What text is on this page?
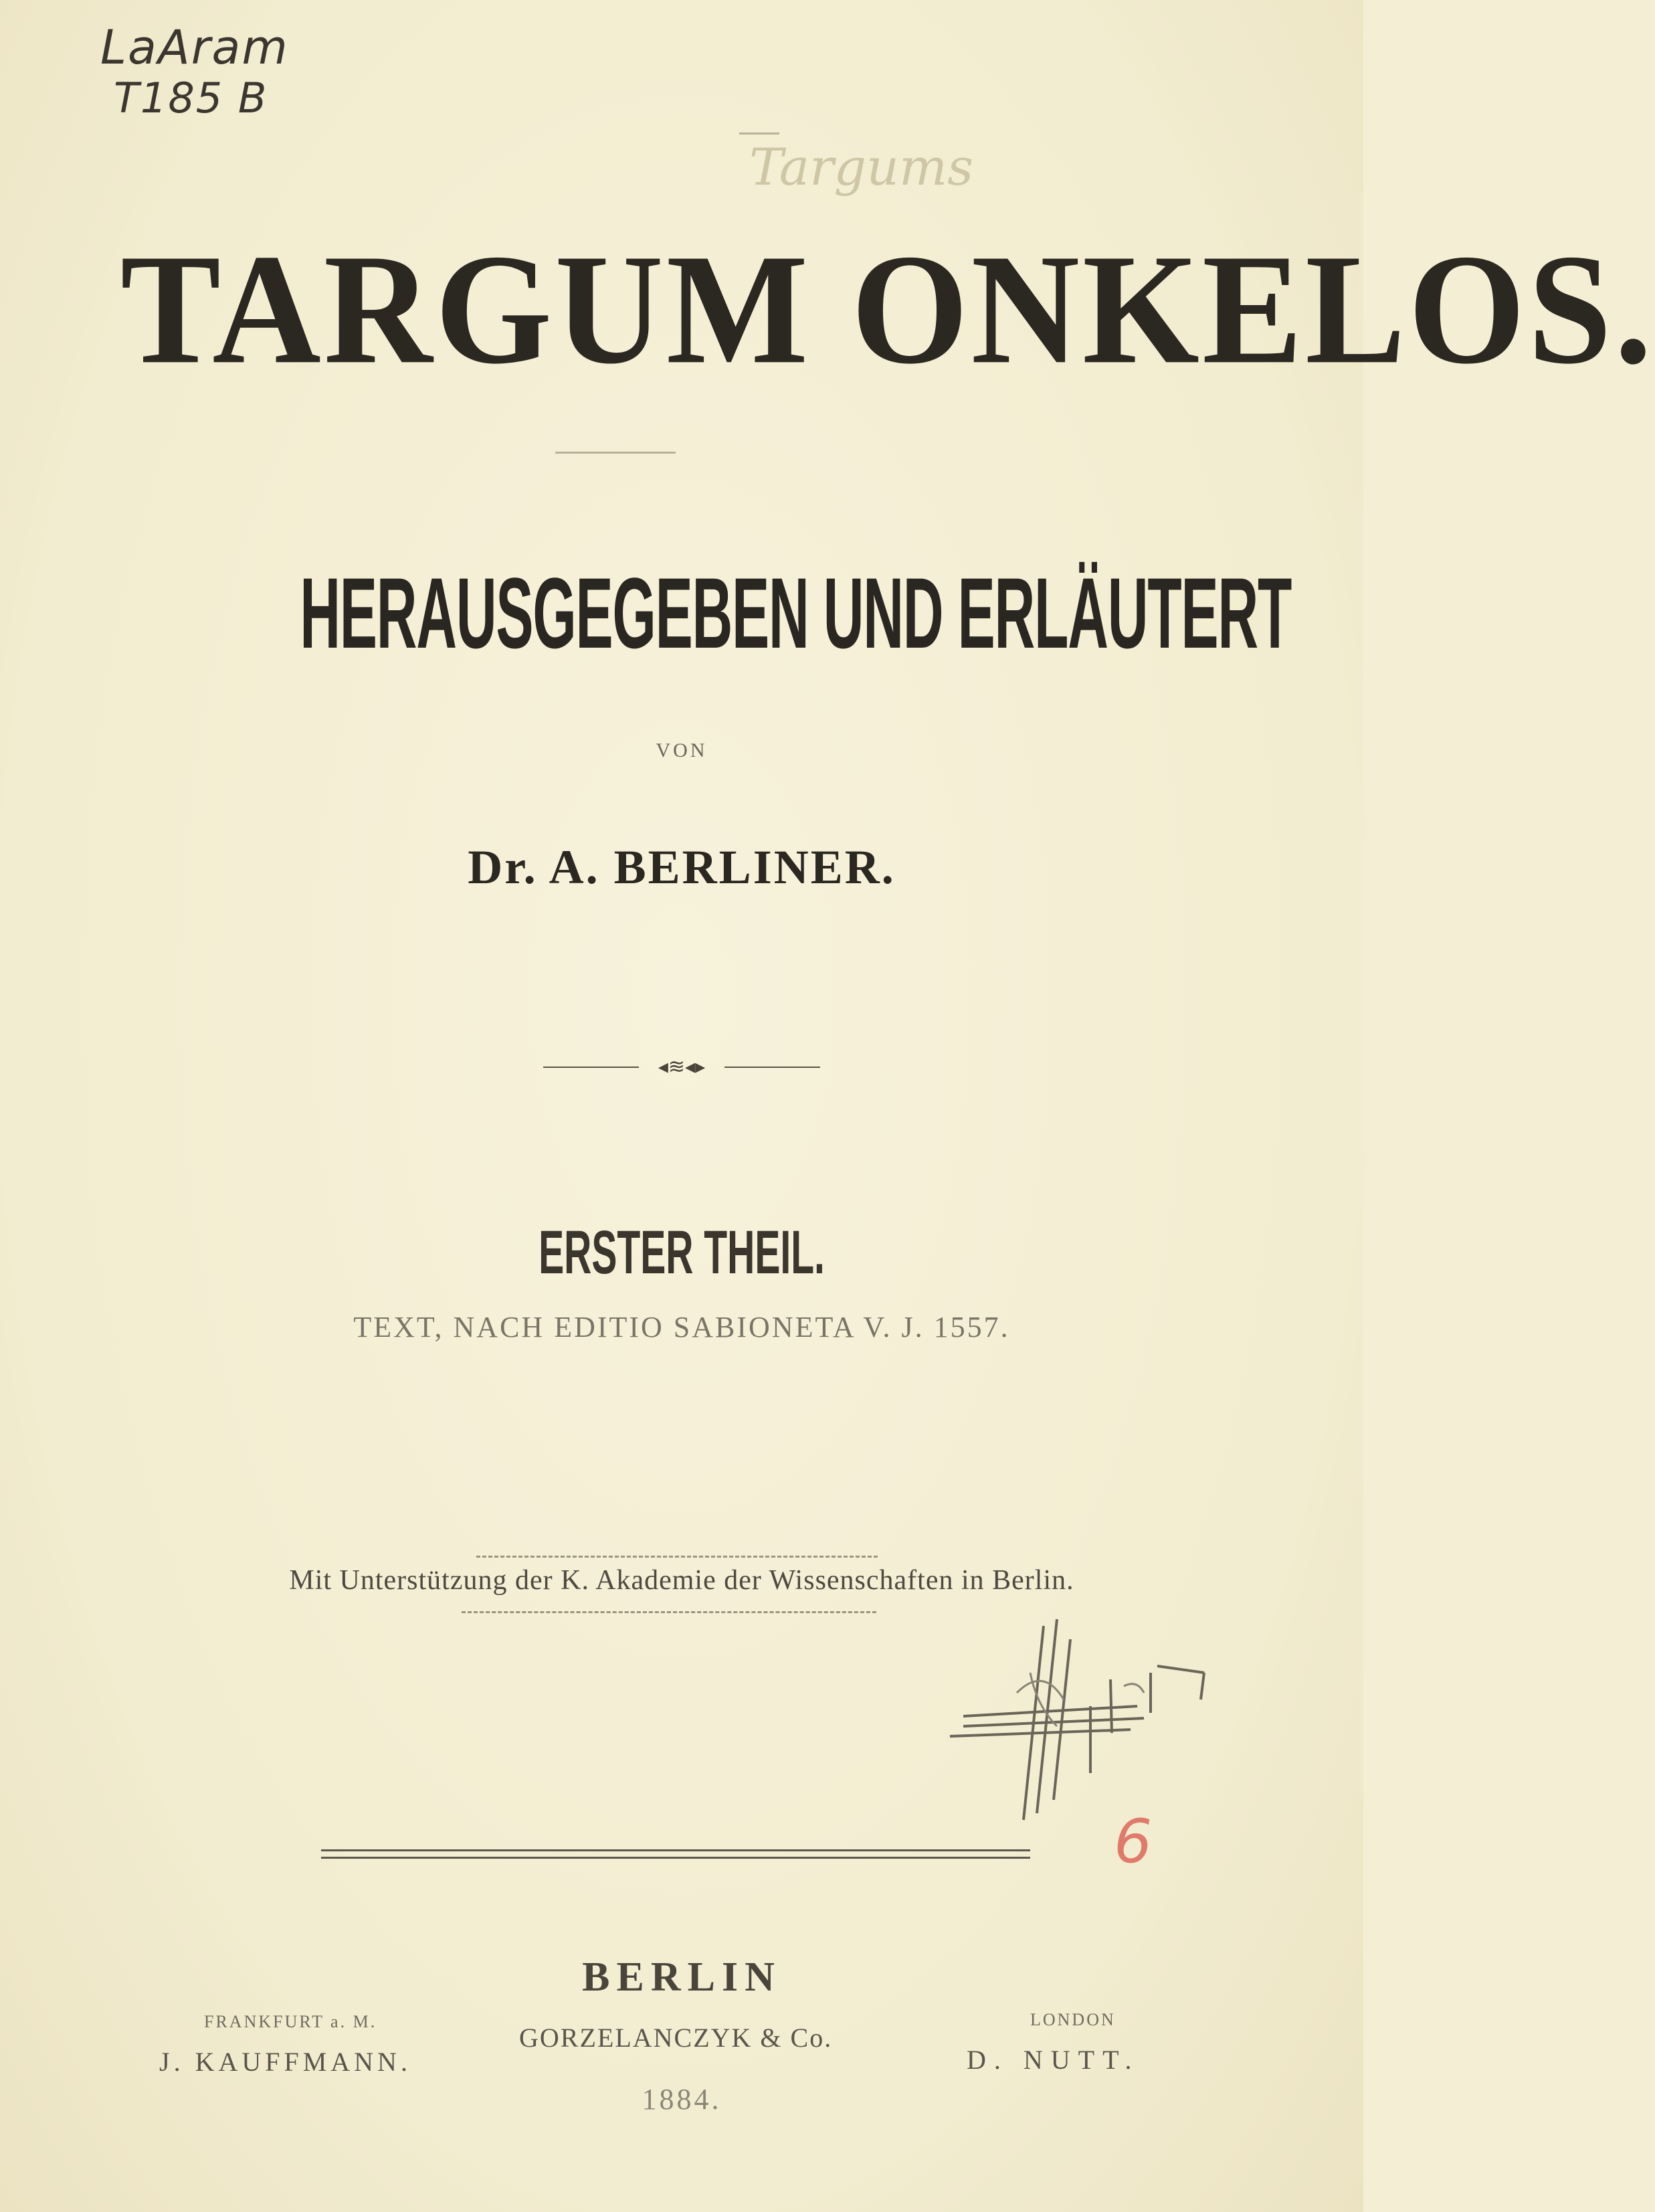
LaAram
T185 B
Targums
TARGUM ONKELOS.
HERAUSGEGEBEN UND ERLÄUTERT
VON
Dr. A. BERLINER.
◂≋◂▸
ERSTER THEIL.
TEXT, NACH EDITIO SABIONETA V. J. 1557.
Mit Unterstützung der K. Akademie der Wissenschaften in Berlin.
6
BERLIN
FRANKFURT a. M.
J. KAUFFMANN.
GORZELANCZYK & Co.
LONDON
D. NUTT.
1884.
